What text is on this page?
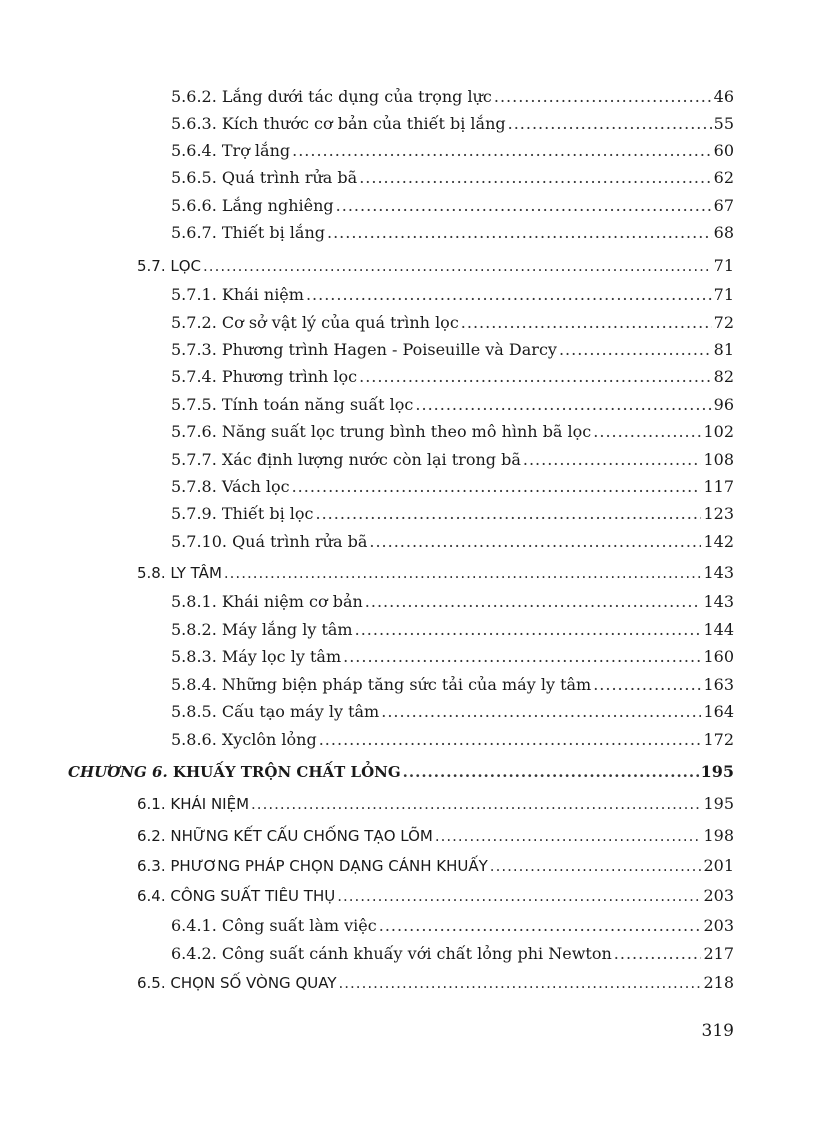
5.6.2. Lắng dưới tác dụng của trọng lực .....	46
5.6.3. Kích thước cơ bản của thiết bị lắng .....	55
5.6.4. Trợ lắng .....	60
5.6.5. Quá trình rửa bã .....	62
5.6.6. Lắng nghiêng .....	67
5.6.7. Thiết bị lắng .....	68
5.7. LỌC .....	71
5.7.1. Khái niệm .....	71
5.7.2. Cơ sở vật lý của quá trình lọc .....	72
5.7.3. Phương trình Hagen - Poiseuille và Darcy .....	81
5.7.4. Phương trình lọc .....	82
5.7.5. Tính toán năng suất lọc .....	96
5.7.6. Năng suất lọc trung bình theo mô hình bã lọc .....	102
5.7.7. Xác định lượng nước còn lại trong bã .....	108
5.7.8. Vách lọc .....	117
5.7.9. Thiết bị lọc .....	123
5.7.10. Quá trình rửa bã .....	142
5.8. LY TÂM .....	143
5.8.1. Khái niệm cơ bản .....	143
5.8.2. Máy lắng ly tâm .....	144
5.8.3. Máy lọc ly tâm .....	160
5.8.4. Những biện pháp tăng sức tải của máy ly tâm .....	163
5.8.5. Cấu tạo máy ly tâm .....	164
5.8.6. Xyclôn lỏng .....	172
CHƯƠNG 6. KHUẤY TRỘN CHẤT LỎNG .....	195
6.1. KHÁI NIỆM .....	195
6.2. NHỮNG KẾT CẤU CHỐNG TẠO LÕM .....	198
6.3. PHƯƠNG PHÁP CHỌN DẠNG CÁNH KHUẤY .....	201
6.4. CÔNG SUẤT TIÊU THỤ .....	203
6.4.1. Công suất làm việc .....	203
6.4.2. Công suất cánh khuấy với chất lỏng phi Newton .....	217
6.5. CHỌN SỐ VÒNG QUAY .....	218
319
